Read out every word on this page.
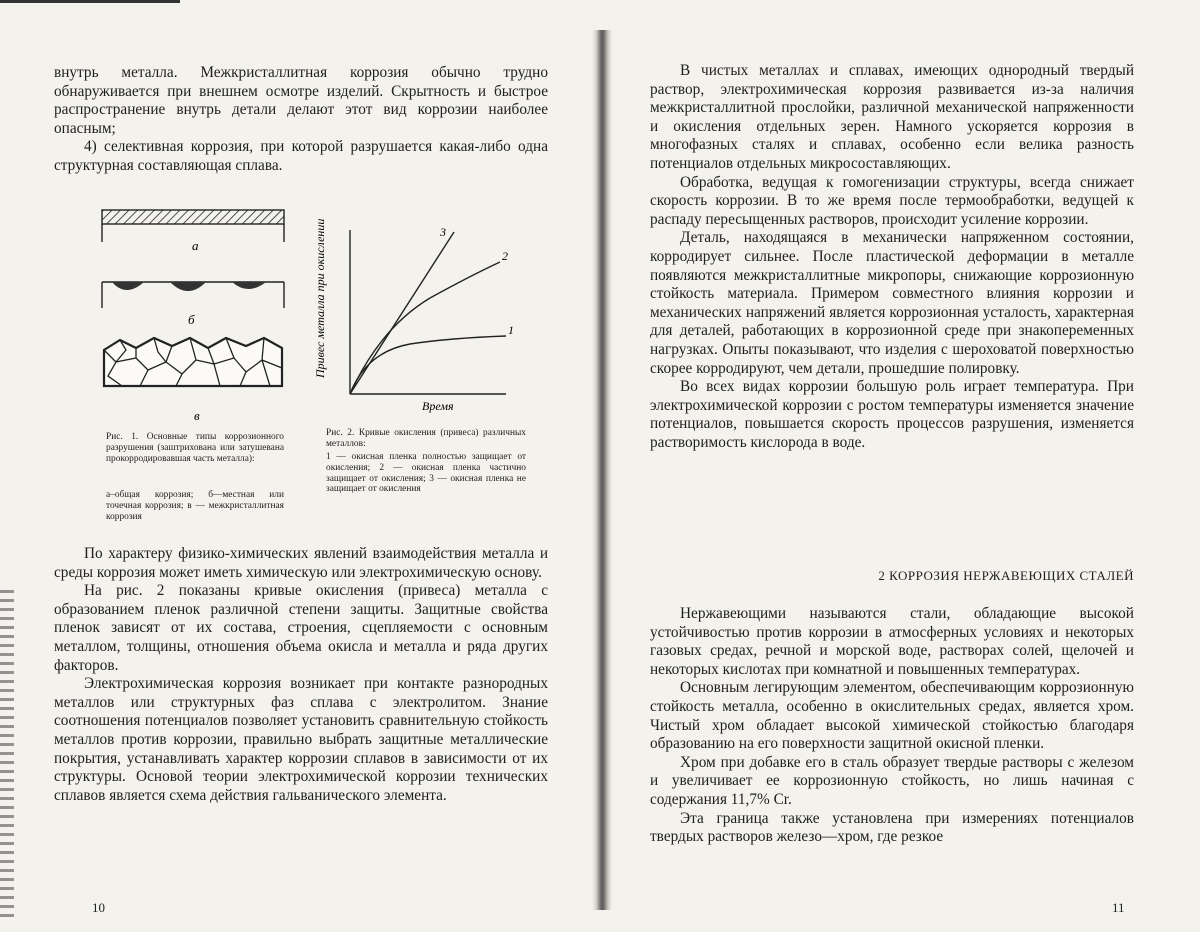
внутрь металла. Межкристаллитная коррозия обычно трудно обнаруживается при внешнем осмотре изделий. Скрытность и быстрое распространение внутрь детали делают этот вид коррозии наиболее опасным;

4) селективная коррозия, при которой разрушается какая-либо одна структурная составляющая сплава.

а
б
в
Рис. 1. Основные типы коррозионного разрушения (заштрихована или затушевана прокорродировавшая часть металла):
а–общая коррозия; б—местная или точечная коррозия; в — межкристаллитная коррозия
Привес металла при окислении	1
2
3
Время
Рис. 2. Кривые окисления (привеса) различных металлов:
1 — окисная пленка полностью защищает от окисления; 2 — окисная пленка частично защищает от окисления; 3 — окисная пленка не защищает от окисления

По характеру физико-химических явлений взаимодействия металла и среды коррозия может иметь химическую или электрохимическую основу.

На рис. 2 показаны кривые окисления (привеса) металла с образованием пленок различной степени защиты. Защитные свойства пленок зависят от их состава, строения, сцепляемости с основным металлом, толщины, отношения объема окисла и металла и ряда других факторов.

Электрохимическая коррозия возникает при контакте разнородных металлов или структурных фаз сплава с электролитом. Знание соотношения потенциалов позволяет установить сравнительную стойкость металлов против коррозии, правильно выбрать защитные металлические покрытия, устанавливать характер коррозии сплавов в зависимости от их структуры. Основой теории электрохимической коррозии технических сплавов является схема действия гальванического элемента.

10

В чистых металлах и сплавах, имеющих однородный твердый раствор, электрохимическая коррозия развивается из-за наличия межкристаллитной прослойки, различной механической напряженности и окисления отдельных зерен. Намного ускоряется коррозия в многофазных сталях и сплавах, особенно если велика разность потенциалов отдельных микросоставляющих.

Обработка, ведущая к гомогенизации структуры, всегда снижает скорость коррозии. В то же время после термообработки, ведущей к распаду пересыщенных растворов, происходит усиление коррозии.

Деталь, находящаяся в механически напряженном состоянии, корродирует сильнее. После пластической деформации в металле появляются межкристаллитные микропоры, снижающие коррозионную стойкость материала. Примером совместного влияния коррозии и механических напряжений является коррозионная усталость, характерная для деталей, работающих в коррозионной среде при знакопеременных нагрузках. Опыты показывают, что изделия с шероховатой поверхностью скорее корродируют, чем детали, прошедшие полировку.

Во всех видах коррозии большую роль играет температура. При электрохимической коррозии с ростом температуры изменяется значение потенциалов, повышается скорость процессов разрушения, изменяется растворимость кислорода в воде.

2 КОРРОЗИЯ НЕРЖАВЕЮЩИХ СТАЛЕЙ

Нержавеющими называются стали, обладающие высокой устойчивостью против коррозии в атмосферных условиях и некоторых газовых средах, речной и морской воде, растворах солей, щелочей и некоторых кислотах при комнатной и повышенных температурах.

Основным легирующим элементом, обеспечивающим коррозионную стойкость металла, особенно в окислительных средах, является хром. Чистый хром обладает высокой химической стойкостью благодаря образованию на его поверхности защитной окисной пленки.

Хром при добавке его в сталь образует твердые растворы с железом и увеличивает ее коррозионную стойкость, но лишь начиная с содержания 11,7% Cr.

Эта граница также установлена при измерениях потенциалов твердых растворов железо—хром, где резкое

11
